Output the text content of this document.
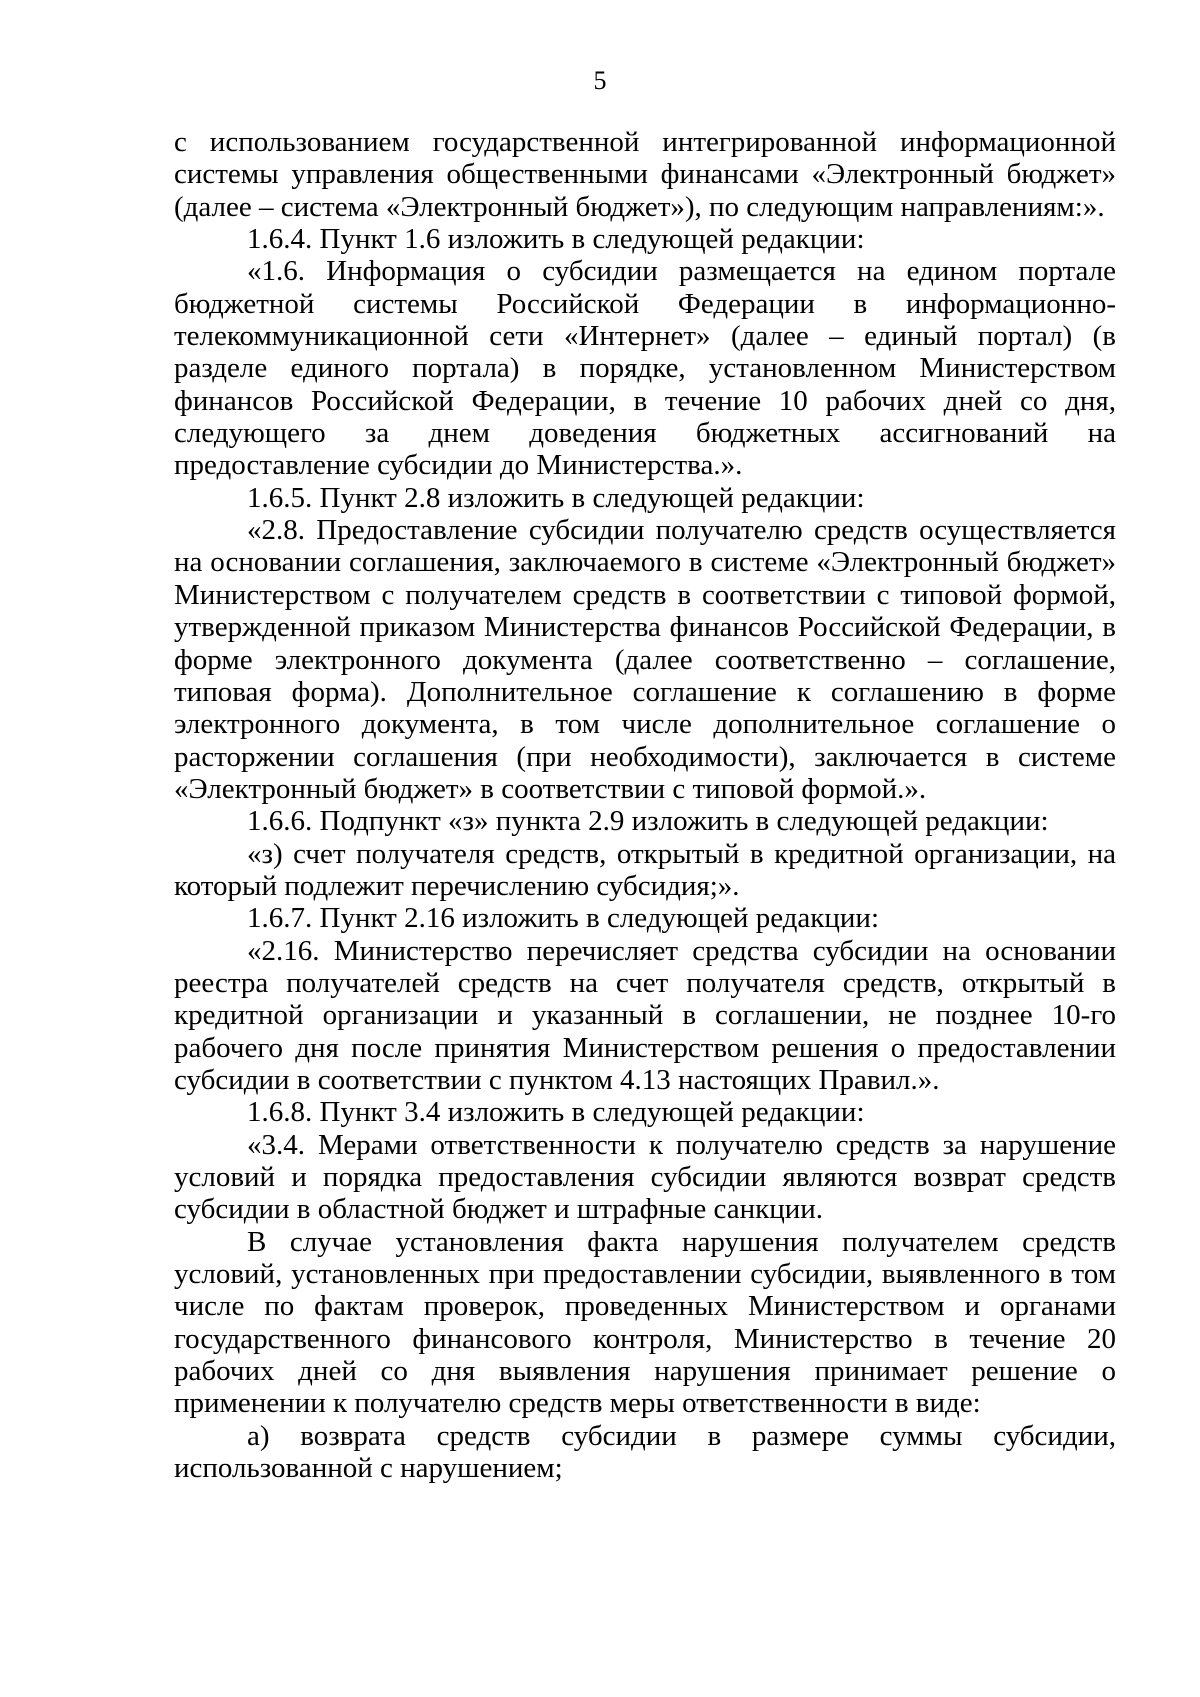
5

с использованием государственной интегрированной информационной системы управления общественными финансами «Электронный бюджет» (далее – система «Электронный бюджет»), по следующим направлениям:».

1.6.4. Пункт 1.6 изложить в следующей редакции:

«1.6. Информация о субсидии размещается на едином портале бюджетной системы Российской Федерации в информационно-телекоммуникационной сети «Интернет» (далее – единый портал) (в разделе единого портала) в порядке, установленном Министерством финансов Российской Федерации, в течение 10 рабочих дней со дня, следующего за днем доведения бюджетных ассигнований на предоставление субсидии до Министерства.».

1.6.5. Пункт 2.8 изложить в следующей редакции:

«2.8. Предоставление субсидии получателю средств осуществляется на основании соглашения, заключаемого в системе «Электронный бюджет» Министерством с получателем средств в соответствии с типовой формой, утвержденной приказом Министерства финансов Российской Федерации, в форме электронного документа (далее соответственно – соглашение, типовая форма). Дополнительное соглашение к соглашению в форме электронного документа, в том числе дополнительное соглашение о расторжении соглашения (при необходимости), заключается в системе «Электронный бюджет» в соответствии с типовой формой.».

1.6.6. Подпункт «з» пункта 2.9 изложить в следующей редакции:

«з) счет получателя средств, открытый в кредитной организации, на который подлежит перечислению субсидия;».

1.6.7. Пункт 2.16 изложить в следующей редакции:

«2.16. Министерство перечисляет средства субсидии на основании реестра получателей средств на счет получателя средств, открытый в кредитной организации и указанный в соглашении, не позднее 10-го рабочего дня после принятия Министерством решения о предоставлении субсидии в соответствии с пунктом 4.13 настоящих Правил.».

1.6.8. Пункт 3.4 изложить в следующей редакции:

«3.4. Мерами ответственности к получателю средств за нарушение условий и порядка предоставления субсидии являются возврат средств субсидии в областной бюджет и штрафные санкции.

В случае установления факта нарушения получателем средств условий, установленных при предоставлении субсидии, выявленного в том числе по фактам проверок, проведенных Министерством и органами государственного финансового контроля, Министерство в течение 20 рабочих дней со дня выявления нарушения принимает решение о применении к получателю средств меры ответственности в виде:

а) возврата средств субсидии в размере суммы субсидии, использованной с нарушением;
